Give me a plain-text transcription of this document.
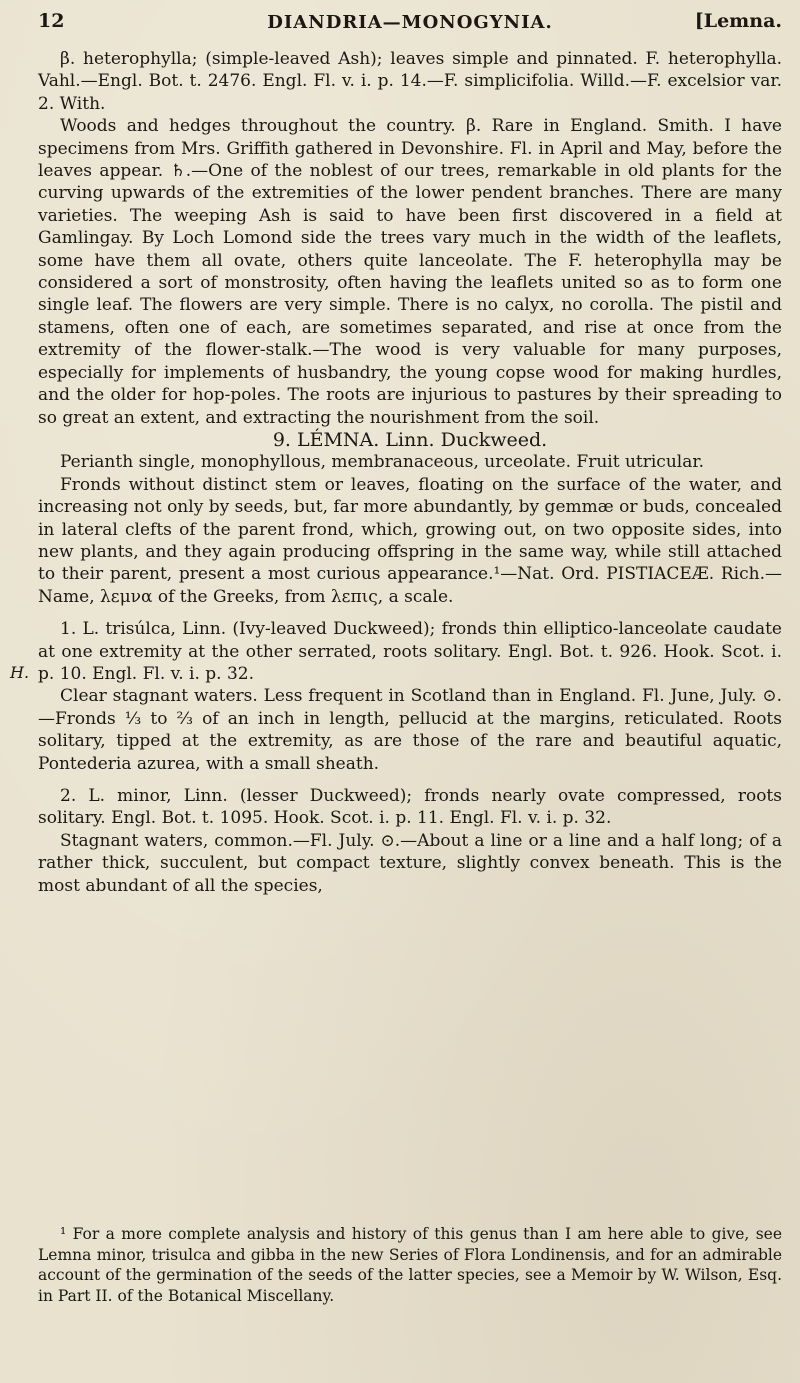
12	DIANDRIA—MONOGYNIA.	[Lemna.
H.

β. heterophylla; (simple-leaved Ash); leaves simple and pinnated. F. heterophylla. Vahl.—Engl. Bot. t. 2476. Engl. Fl. v. i. p. 14.—F. simplicifolia. Willd.—F. excelsior var. 2. With.

Woods and hedges throughout the country. β. Rare in England. Smith. I have specimens from Mrs. Griffith gathered in Devonshire. Fl. in April and May, before the leaves appear. ♄.—One of the noblest of our trees, remarkable in old plants for the curving upwards of the extremities of the lower pendent branches. There are many varieties. The weeping Ash is said to have been first discovered in a field at Gamlingay. By Loch Lomond side the trees vary much in the width of the leaflets, some have them all ovate, others quite lanceolate. The F. heterophylla may be considered a sort of monstrosity, often having the leaflets united so as to form one single leaf. The flowers are very simple. There is no calyx, no corolla. The pistil and stamens, often one of each, are sometimes separated, and rise at once from the extremity of the flower-stalk.—The wood is very valuable for many purposes, especially for implements of husbandry, the young copse wood for making hurdles, and the older for hop-poles. The roots are injurious to pastures by their spreading to so great an extent, and extracting the nourishment from the soil.

9. LÉMNA. Linn. Duckweed.

Perianth single, monophyllous, membranaceous, urceolate. Fruit utricular.

Fronds without distinct stem or leaves, floating on the surface of the water, and increasing not only by seeds, but, far more abundantly, by gemmæ or buds, concealed in lateral clefts of the parent frond, which, growing out, on two opposite sides, into new plants, and they again producing offspring in the same way, while still attached to their parent, present a most curious appearance.¹—Nat. Ord. PISTIACEÆ. Rich.—Name, λεμνα of the Greeks, from λεπις, a scale.

1. L. trisúlca, Linn. (Ivy-leaved Duckweed); fronds thin elliptico-lanceolate caudate at one extremity at the other serrated, roots solitary. Engl. Bot. t. 926. Hook. Scot. i. p. 10. Engl. Fl. v. i. p. 32.

Clear stagnant waters. Less frequent in Scotland than in England. Fl. June, July. ⊙.—Fronds ⅓ to ⅔ of an inch in length, pellucid at the margins, reticulated. Roots solitary, tipped at the extremity, as are those of the rare and beautiful aquatic, Pontederia azurea, with a small sheath.

2. L. minor, Linn. (lesser Duckweed); fronds nearly ovate compressed, roots solitary. Engl. Bot. t. 1095. Hook. Scot. i. p. 11. Engl. Fl. v. i. p. 32.

Stagnant waters, common.—Fl. July. ⊙.—About a line or a line and a half long; of a rather thick, succulent, but compact texture, slightly convex beneath. This is the most abundant of all the species,

¹ For a more complete analysis and history of this genus than I am here able to give, see Lemna minor, trisulca and gibba in the new Series of Flora Londinensis, and for an admirable account of the germination of the seeds of the latter species, see a Memoir by W. Wilson, Esq. in Part II. of the Botanical Miscellany.
